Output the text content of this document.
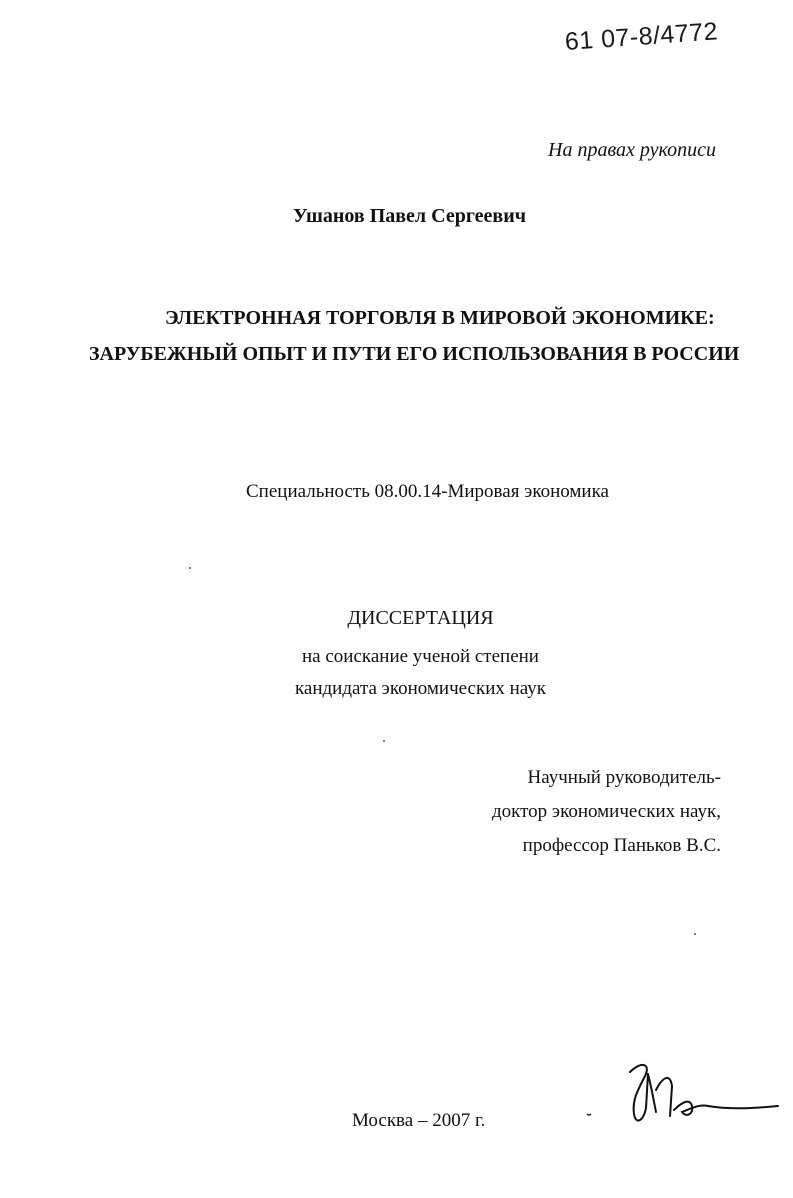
61 07-8/4772
На правах рукописи
Ушанов Павел Сергеевич
ЭЛЕКТРОННАЯ ТОРГОВЛЯ В МИРОВОЙ ЭКОНОМИКЕ:
ЗАРУБЕЖНЫЙ ОПЫТ И ПУТИ ЕГО ИСПОЛЬЗОВАНИЯ В РОССИИ
Специальность 08.00.14-Мировая экономика
ДИССЕРТАЦИЯ
на соискание ученой степени
кандидата экономических наук
Научный руководитель-
доктор экономических наук,
профессор Паньков В.С.
Москва – 2007 г.
